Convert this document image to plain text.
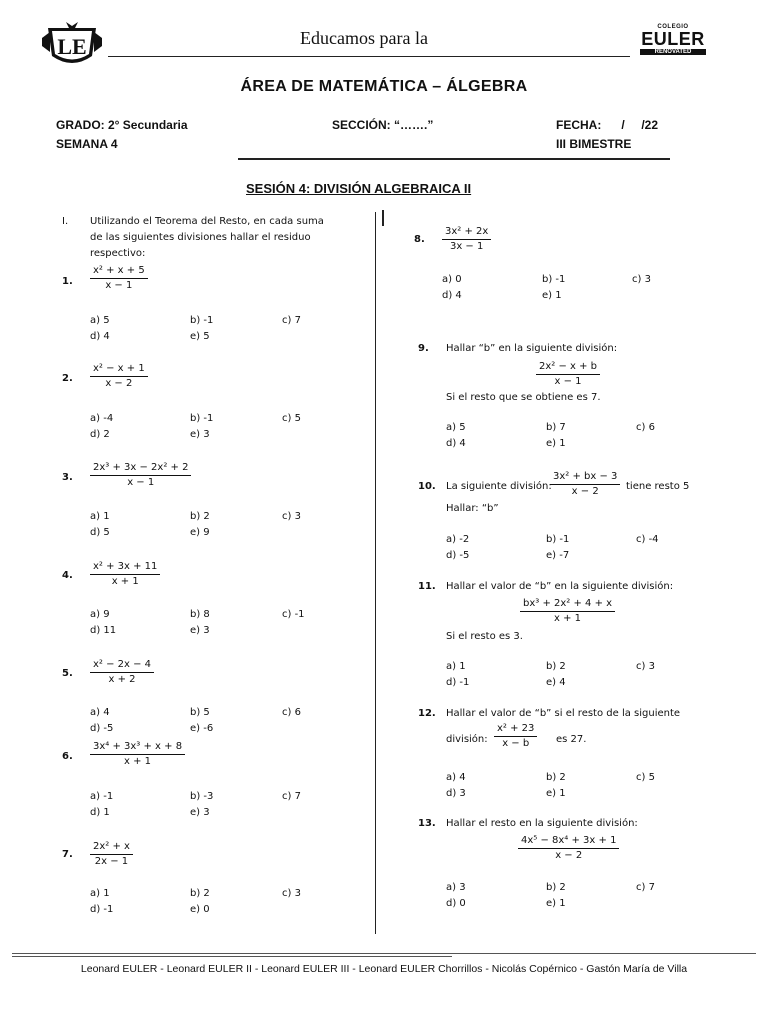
LE	Educamos para la
COLEGIO
EULER
RENOVATED
ÁREA DE MATEMÁTICA – ÁLGEBRA
GRADO: 2° Secundaria	SECCIÓN: “…….”	FECHA:      /     /22
SEMANA 4	III BIMESTRE
SESIÓN 4: DIVISIÓN ALGEBRAICA II
I. Utilizando el Teorema del Resto, en cada suma
de las siguientes divisiones hallar el residuo
respectivo:
1. $\frac{\text{x² + x + 5}}{x - 1}$
a) 5	b) -1	c) 7
d) 4	e) 5
2. $\frac{\text{x² − x + 1}}{x - 2}$
a) -4	b) -1	c) 5
d) 2	e) 3
3. $\frac{\text{2x³ + 3x − 2x² + 2}}{x - 1}$
a) 1	b) 2	c) 3
d) 5	e) 9
4. $\frac{\text{x² + 3x + 11}}{x + 1}$
a) 9	b) 8	c) -1
d) 11	e) 3
5. $\frac{\text{x² − 2x − 4}}{x + 2}$
a) 4	b) 5	c) 6
d) -5	e) -6
6. $\frac{\text{3x⁴ + 3x³ + x + 8}}{x + 1}$
a) -1	b) -3	c) 7
d) 1	e) 3
7. $\frac{\text{2x² + x}}{2x - 1}$
a) 1	b) 2	c) 3
d) -1	e) 0
8. $\frac{\text{3x² + 2x}}{3x - 1}$
a) 0	b) -1	c) 3
d) 4	e) 1
9. Hallar “b” en la siguiente división:
$\frac{\text{2x² − x + b}}{x - 1}$
Si el resto que se obtiene es 7.
a) 5	b) 7	c) 6
d) 4	e) 1
10. La siguiente división:
$\frac{\text{3x² + bx − 3}}{x - 2}$ tiene resto 5
Hallar: “b”
a) -2	b) -1	c) -4
d) -5	e) -7
11. Hallar el valor de “b” en la siguiente división:
$\frac{\text{bx³ + 2x² + 4 + x}}{x + 1}$
Si el resto es 3.
a) 1	b) 2	c) 3
d) -1	e) 4
12. Hallar el valor de “b” si el resto de la siguiente
división: $\frac{\text{x² + 23}}{x - b}$ es 27.
a) 4	b) 2	c) 5
d) 3	e) 1
13. Hallar el resto en la siguiente división:
$\frac{\text{4x⁵ − 8x⁴ + 3x + 1}}{x - 2}$
a) 3	b) 2	c) 7
d) 0	e) 1
Leonard EULER - Leonard EULER II - Leonard EULER III - Leonard EULER Chorrillos - Nicolás Copérnico - Gastón María de Villa
